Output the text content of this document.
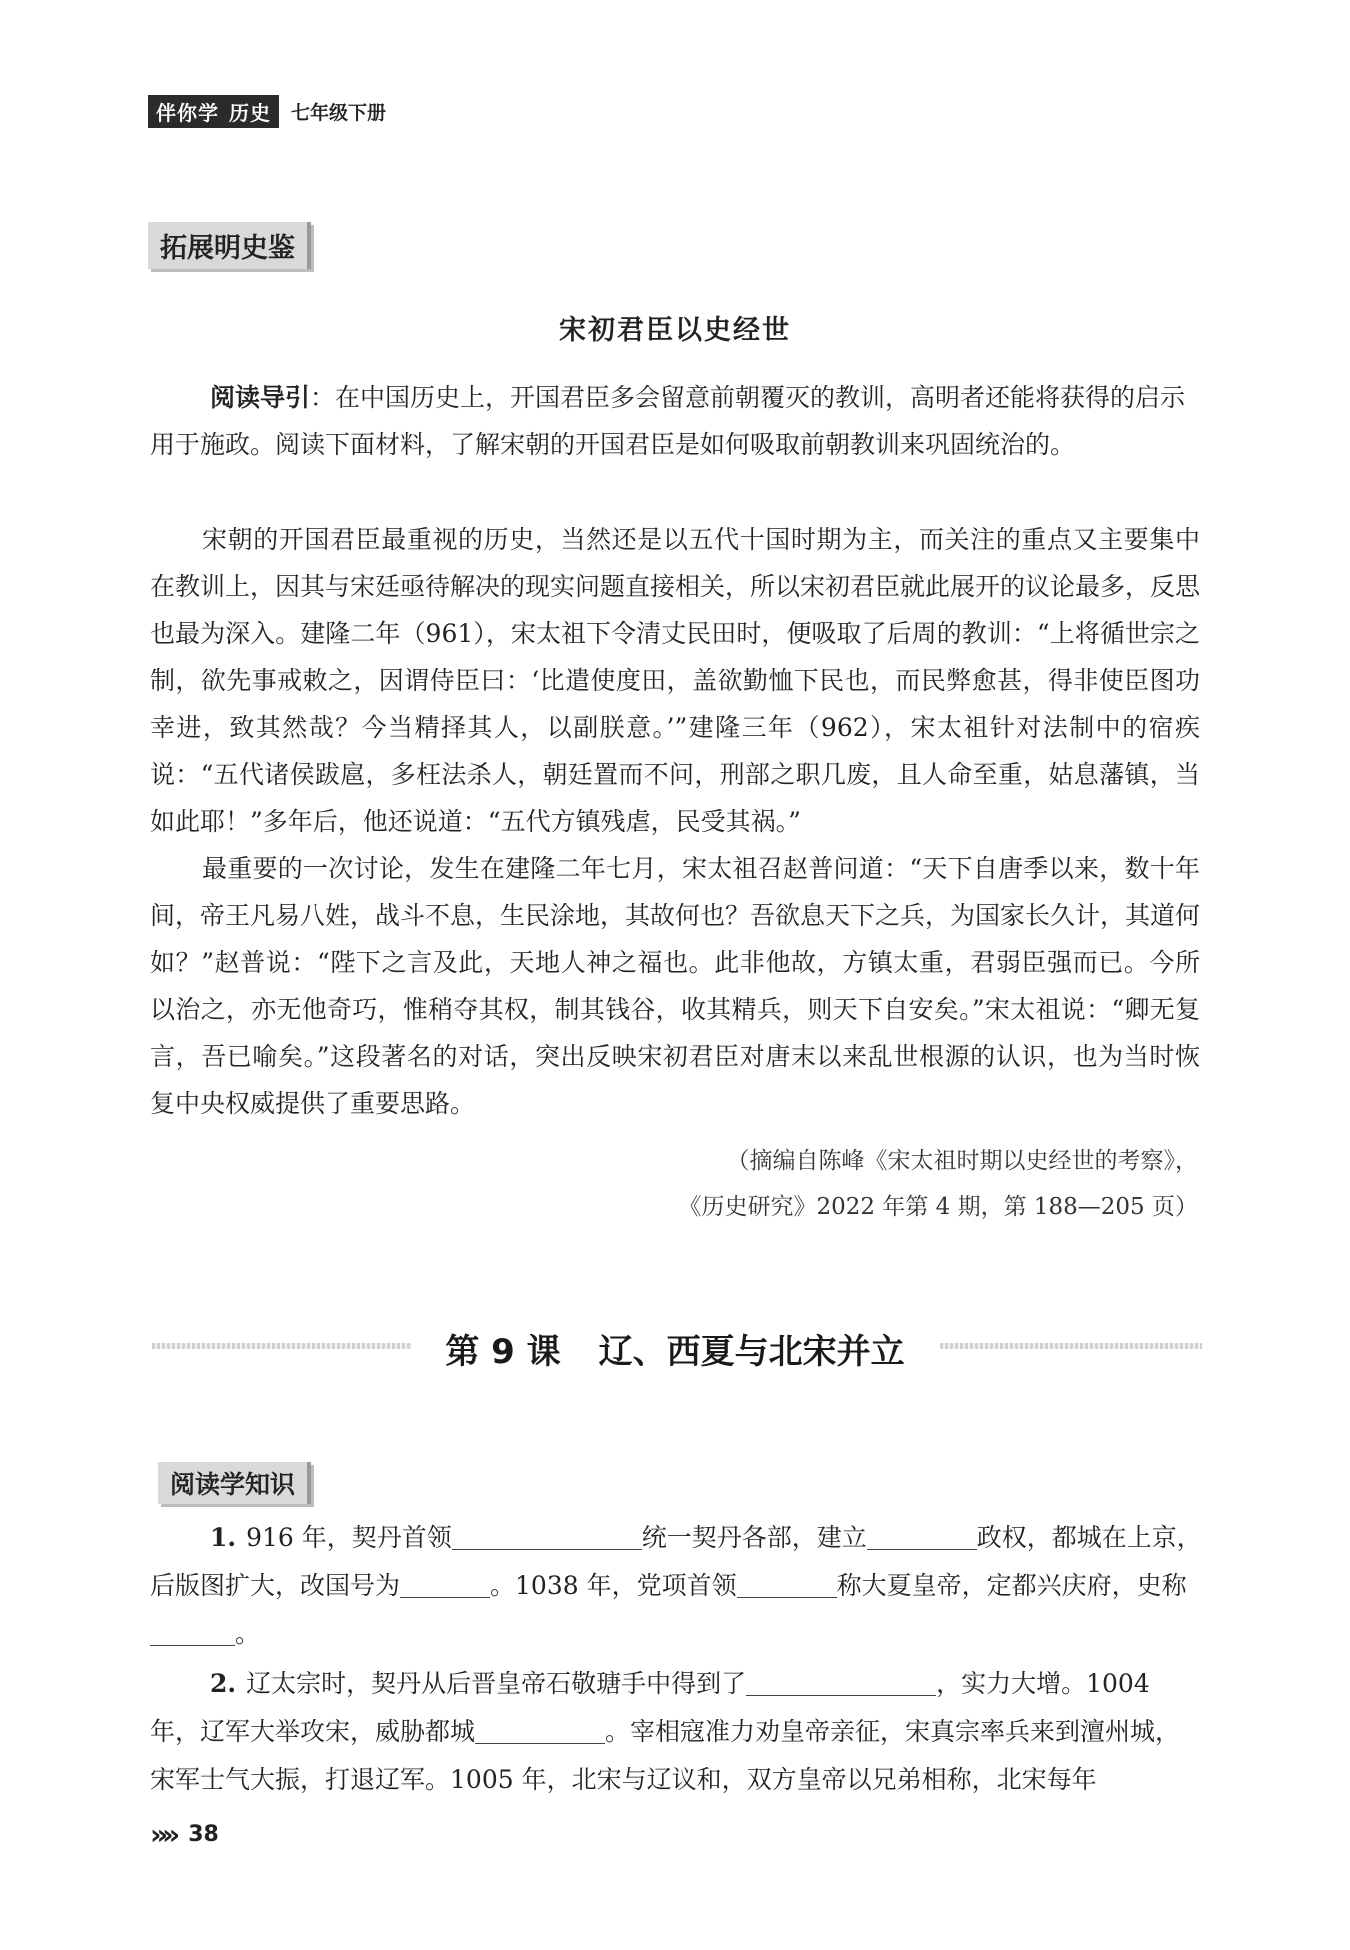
伴你学 历史 七年级下册
拓展明史鉴
宋初君臣以史经世
阅读导引：在中国历史上，开国君臣多会留意前朝覆灭的教训，高明者还能将获得的启示用于施政。阅读下面材料，了解宋朝的开国君臣是如何吸取前朝教训来巩固统治的。

宋朝的开国君臣最重视的历史，当然还是以五代十国时期为主，而关注的重点又主要集中在教训上，因其与宋廷亟待解决的现实问题直接相关，所以宋初君臣就此展开的议论最多，反思也最为深入。建隆二年（961），宋太祖下令清丈民田时，便吸取了后周的教训：“上将循世宗之制，欲先事戒敕之，因谓侍臣曰：‘比遣使度田，盖欲勤恤下民也，而民弊愈甚，得非使臣图功幸进，致其然哉？今当精择其人，以副朕意。’”建隆三年（962），宋太祖针对法制中的宿疾说：“五代诸侯跋扈，多枉法杀人，朝廷置而不问，刑部之职几废，且人命至重，姑息藩镇，当如此耶！”多年后，他还说道：“五代方镇残虐，民受其祸。”

最重要的一次讨论，发生在建隆二年七月，宋太祖召赵普问道：“天下自唐季以来，数十年间，帝王凡易八姓，战斗不息，生民涂地，其故何也？吾欲息天下之兵，为国家长久计，其道何如？”赵普说：“陛下之言及此，天地人神之福也。此非他故，方镇太重，君弱臣强而已。今所以治之，亦无他奇巧，惟稍夺其权，制其钱谷，收其精兵，则天下自安矣。”宋太祖说：“卿无复言，吾已喻矣。”这段著名的对话，突出反映宋初君臣对唐末以来乱世根源的认识，也为当时恢复中央权威提供了重要思路。

（摘编自陈峰《宋太祖时期以史经世的考察》，
《历史研究》2022 年第 4 期，第 188—205 页）
第 9 课 辽、西夏与北宋并立
阅读学知识
1. 916 年，契丹首领	统一契丹各部，建立	政权，都城在上京，后版图扩大，改国号为	。1038 年，党项首领	称大夏皇帝，定都兴庆府，史称。
2. 辽太宗时，契丹从后晋皇帝石敬瑭手中得到了	，实力大增。1004 年，辽军大举攻宋，威胁都城	。宰相寇准力劝皇帝亲征，宋真宗率兵来到澶州城，宋军士气大振，打退辽军。1005 年，北宋与辽议和，双方皇帝以兄弟相称，北宋每年
»» 38
